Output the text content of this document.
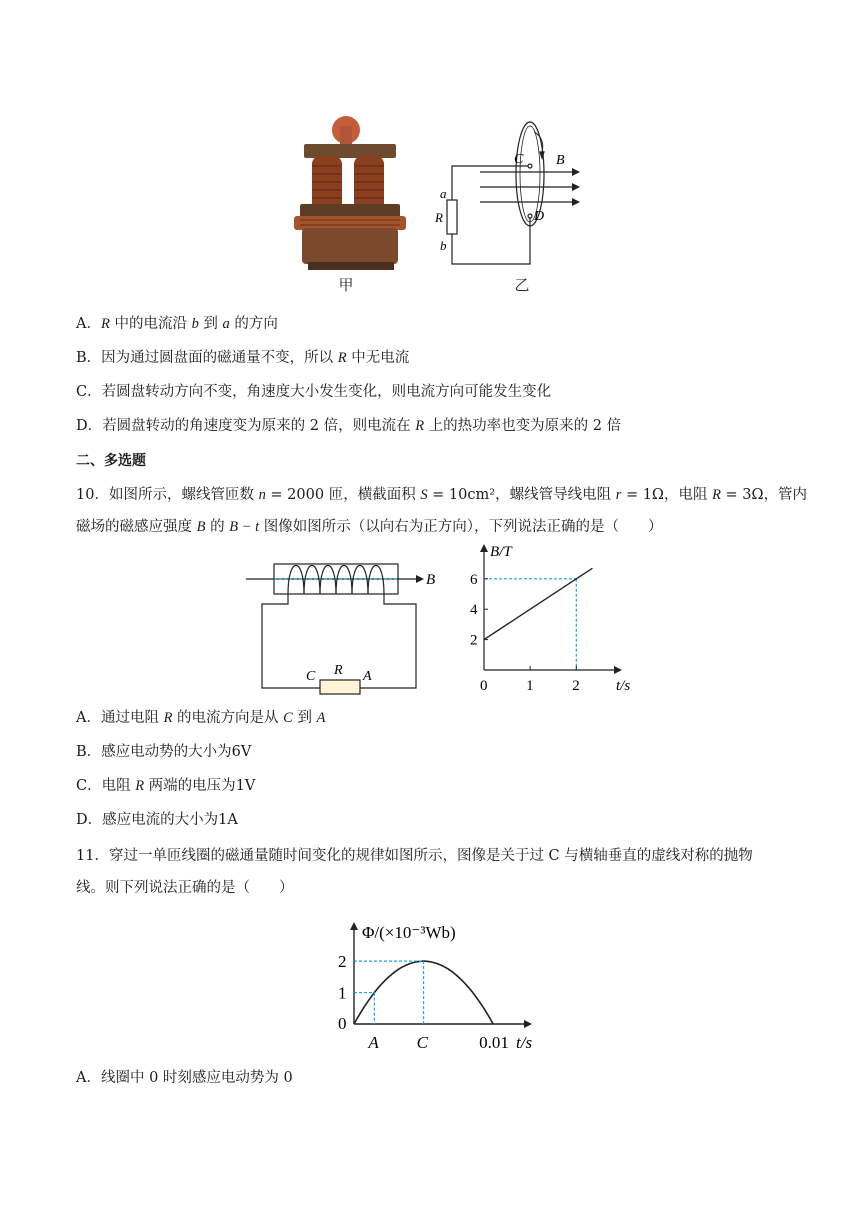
甲
C B
D
a
R
b
乙
A．R 中的电流沿 b 到 a 的方向
B．因为通过圆盘面的磁通量不变，所以 R 中无电流
C．若圆盘转动方向不变，角速度大小发生变化，则电流方向可能发生变化
D．若圆盘转动的角速度变为原来的 2 倍，则电流在 R 上的热功率也变为原来的 2 倍
二、多选题
10．如图所示，螺线管匝数 n = 2000 匝，横截面积 S = 10cm²，螺线管导线电阻 r = 1Ω，电阻 R = 3Ω，管内
磁场的磁感应强度 B 的 B − t 图像如图所示（以向右为正方向），下列说法正确的是（　　）
B
C R A
B/T
t/s
2
4
6
0	1	2
A．通过电阻 R 的电流方向是从 C 到 A
B．感应电动势的大小为6V
C．电阻 R 两端的电压为1V
D．感应电流的大小为1A
11．穿过一单匝线圈的磁通量随时间变化的规律如图所示，图像是关于过 C 与横轴垂直的虚线对称的抛物
线。则下列说法正确的是（　　）
Φ/(×10⁻³Wb)
t/s
0
1
2
A C	0.01
A．线圈中 0 时刻感应电动势为 0
